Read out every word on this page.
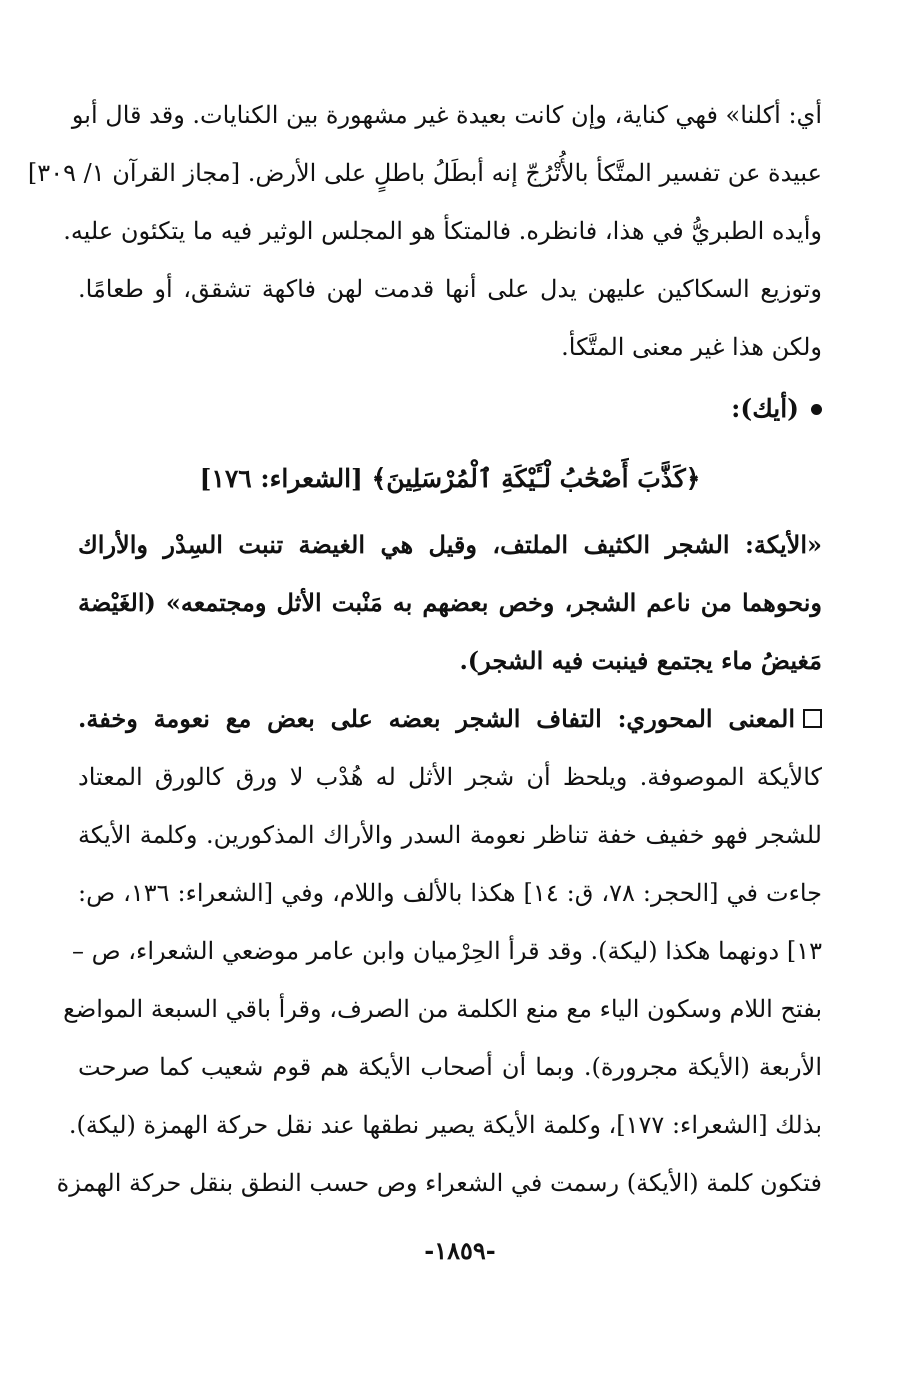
أي: أكلنا» فهي كناية، وإن كانت بعيدة غير مشهورة بين الكنايات. وقد قال أبو
عبيدة عن تفسير المتَّكأ بالأُتْرُجّ إنه أبطَلُ باطلٍ على الأرض. [مجاز القرآن ١/ ٣٠٩]
وأيده الطبريُّ في هذا، فانظره. فالمتكأ هو المجلس الوثير فيه ما يتكئون عليه.
وتوزيع السكاكين عليهن يدل على أنها قدمت لهن فاكهة تشقق، أو طعامًا.
ولكن هذا غير معنى المتَّكأ.
(أيك):
﴿كَذَّبَ أَصْحَٰبُ لْـَٔيْكَةِ ٱلْمُرْسَلِينَ﴾ [الشعراء: ١٧٦]
«الأيكة: الشجر الكثيف الملتف، وقيل هي الغيضة تنبت السِدْر والأراك
ونحوهما من ناعم الشجر، وخص بعضهم به مَنْبت الأثل ومجتمعه» (الغَيْضة
مَغيضُ ماء يجتمع فينبت فيه الشجر).
المعنى المحوري: التفاف الشجر بعضه على بعض مع نعومة وخفة.
كالأيكة الموصوفة. ويلحظ أن شجر الأثل له هُدْب لا ورق كالورق المعتاد
للشجر فهو خفيف خفة تناظر نعومة السدر والأراك المذكورين. وكلمة الأيكة
جاءت في [الحجر: ٧٨، ق: ١٤] هكذا بالألف واللام، وفي [الشعراء: ١٣٦، ص:
١٣] دونهما هكذا (ليكة). وقد قرأ الحِرْميان وابن عامر موضعي الشعراء، ص –
بفتح اللام وسكون الياء مع منع الكلمة من الصرف، وقرأ باقي السبعة المواضع
الأربعة (الأيكة مجرورة). وبما أن أصحاب الأيكة هم قوم شعيب كما صرحت
بذلك [الشعراء: ١٧٧]، وكلمة الأيكة يصير نطقها عند نقل حركة الهمزة (ليكة).
فتكون كلمة (الأيكة) رسمت في الشعراء وص حسب النطق بنقل حركة الهمزة
-١٨٥٩-
